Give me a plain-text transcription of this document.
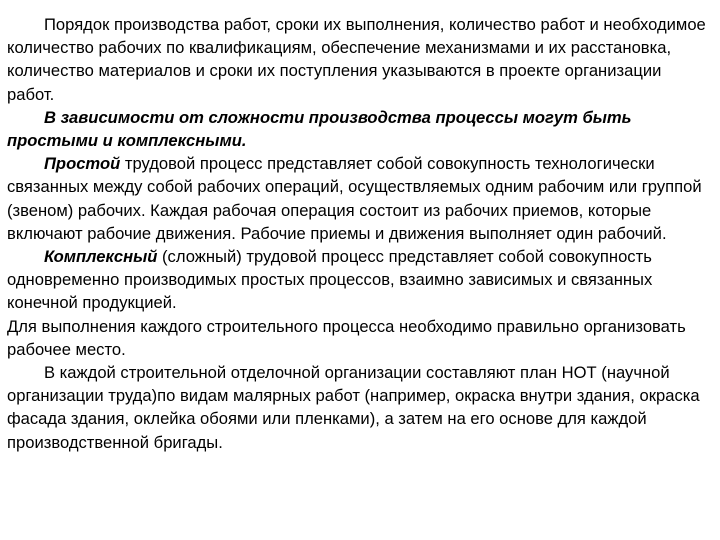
Порядок производства работ, сроки их выполнения, количество работ и необходимое количество рабочих по квалификациям, обеспечение механизмами и их расстановка, количество материалов и сроки их поступления указываются в проекте организации работ.

В зависимости от сложности производства процессы могут быть простыми и комплексными.

Простой трудовой процесс представляет собой совокупность технологически связанных между собой рабочих операций, осуществляемых одним рабочим или группой (звеном) рабочих. Каждая рабочая операция состоит из рабочих приемов, которые включают рабочие движения. Рабочие приемы и движения выполняет один рабочий.

Комплексный (сложный) трудовой процесс представляет собой совокупность одновременно производимых простых процессов, взаимно зависимых и связанных конечной продукцией.

Для выполнения каждого строительного процесса необходимо правильно организовать рабочее место.

В каждой строительной отделочной организации составляют план НОТ (научной организации труда)по видам малярных работ (например, окраска внутри здания, окраска фасада здания, оклейка обоями или пленками), а затем на его основе для каждой производственной бригады.
